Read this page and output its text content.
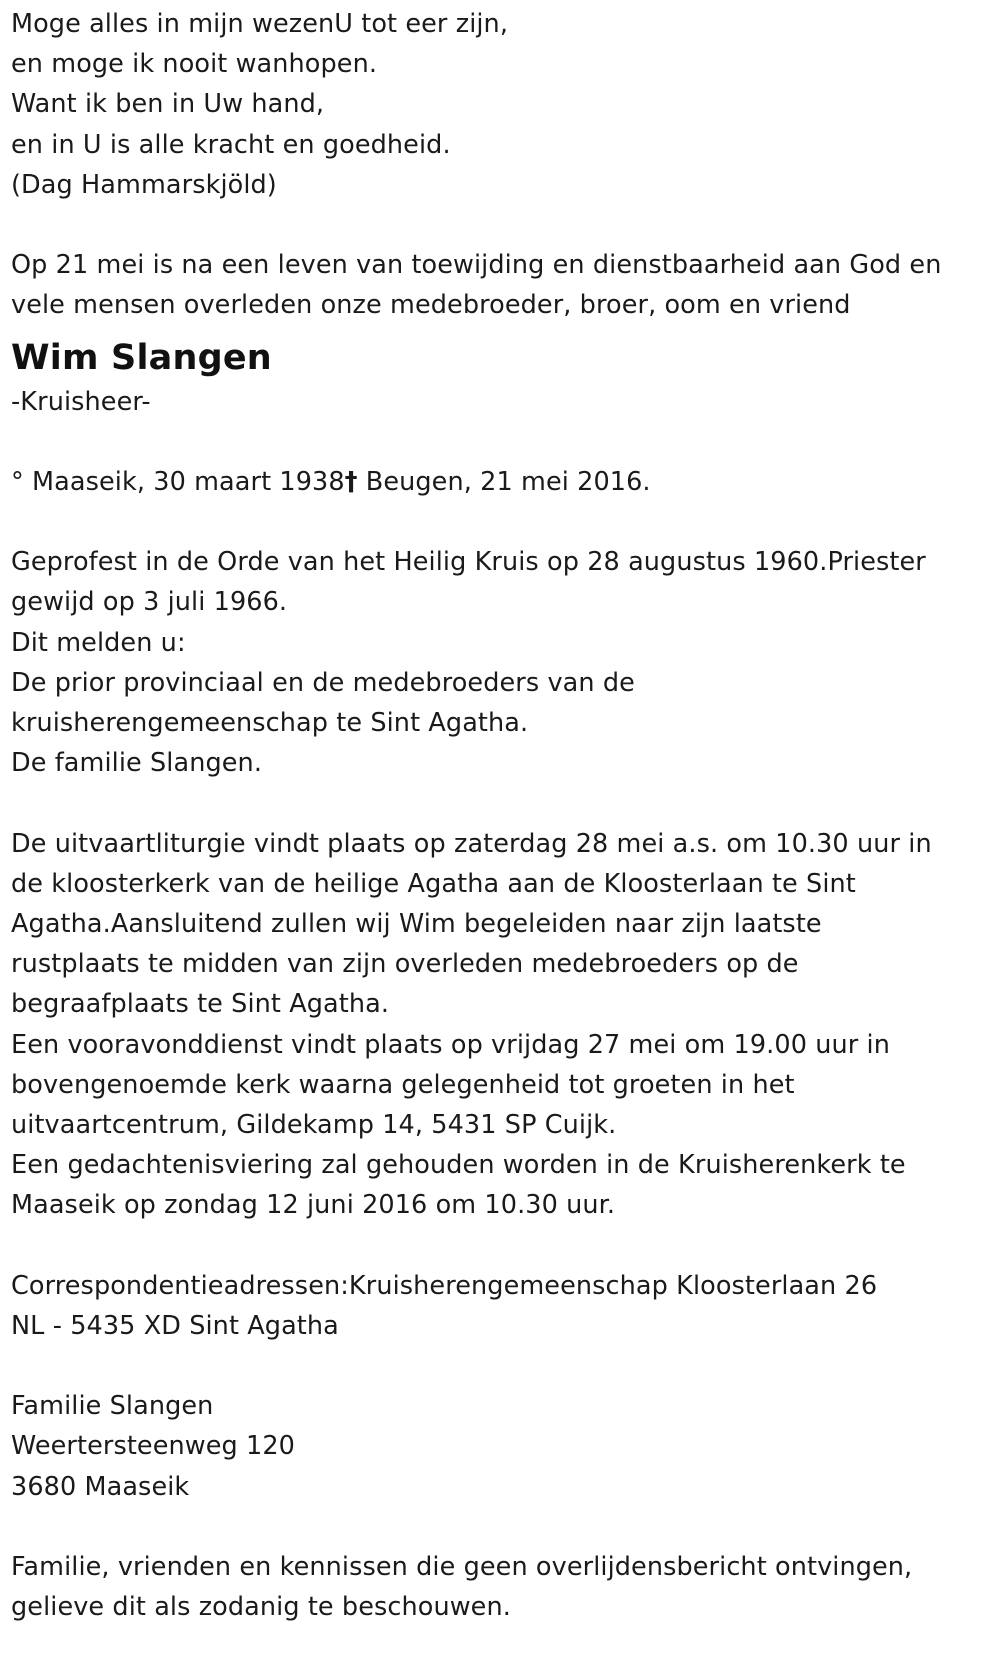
Moge alles in mijn wezenU tot eer zijn,
en moge ik nooit wanhopen.
Want ik ben in Uw hand,
en in U is alle kracht en goedheid.
(Dag Hammarskjöld)
Op 21 mei is na een leven van toewijding en dienstbaarheid aan God en
vele mensen overleden onze medebroeder, broer, oom en vriend
Wim Slangen
-Kruisheer-
° Maaseik, 30 maart 1938† Beugen, 21 mei 2016.
Geprofest in de Orde van het Heilig Kruis op 28 augustus 1960.Priester
gewijd op 3 juli 1966.
Dit melden u:
De prior provinciaal en de medebroeders van de
kruisherengemeenschap te Sint Agatha.
De familie Slangen.
De uitvaartliturgie vindt plaats op zaterdag 28 mei a.s. om 10.30 uur in
de kloosterkerk van de heilige Agatha aan de Kloosterlaan te Sint
Agatha.Aansluitend zullen wij Wim begeleiden naar zijn laatste
rustplaats te midden van zijn overleden medebroeders op de
begraafplaats te Sint Agatha.
Een vooravonddienst vindt plaats op vrijdag 27 mei om 19.00 uur in
bovengenoemde kerk waarna gelegenheid tot groeten in het
uitvaartcentrum, Gildekamp 14, 5431 SP Cuijk.
Een gedachtenisviering zal gehouden worden in de Kruisherenkerk te
Maaseik op zondag 12 juni 2016 om 10.30 uur.
Correspondentieadressen:Kruisherengemeenschap Kloosterlaan 26
NL - 5435 XD Sint Agatha
Familie Slangen
Weertersteenweg 120
3680 Maaseik
Familie, vrienden en kennissen die geen overlijdensbericht ontvingen,
gelieve dit als zodanig te beschouwen.
